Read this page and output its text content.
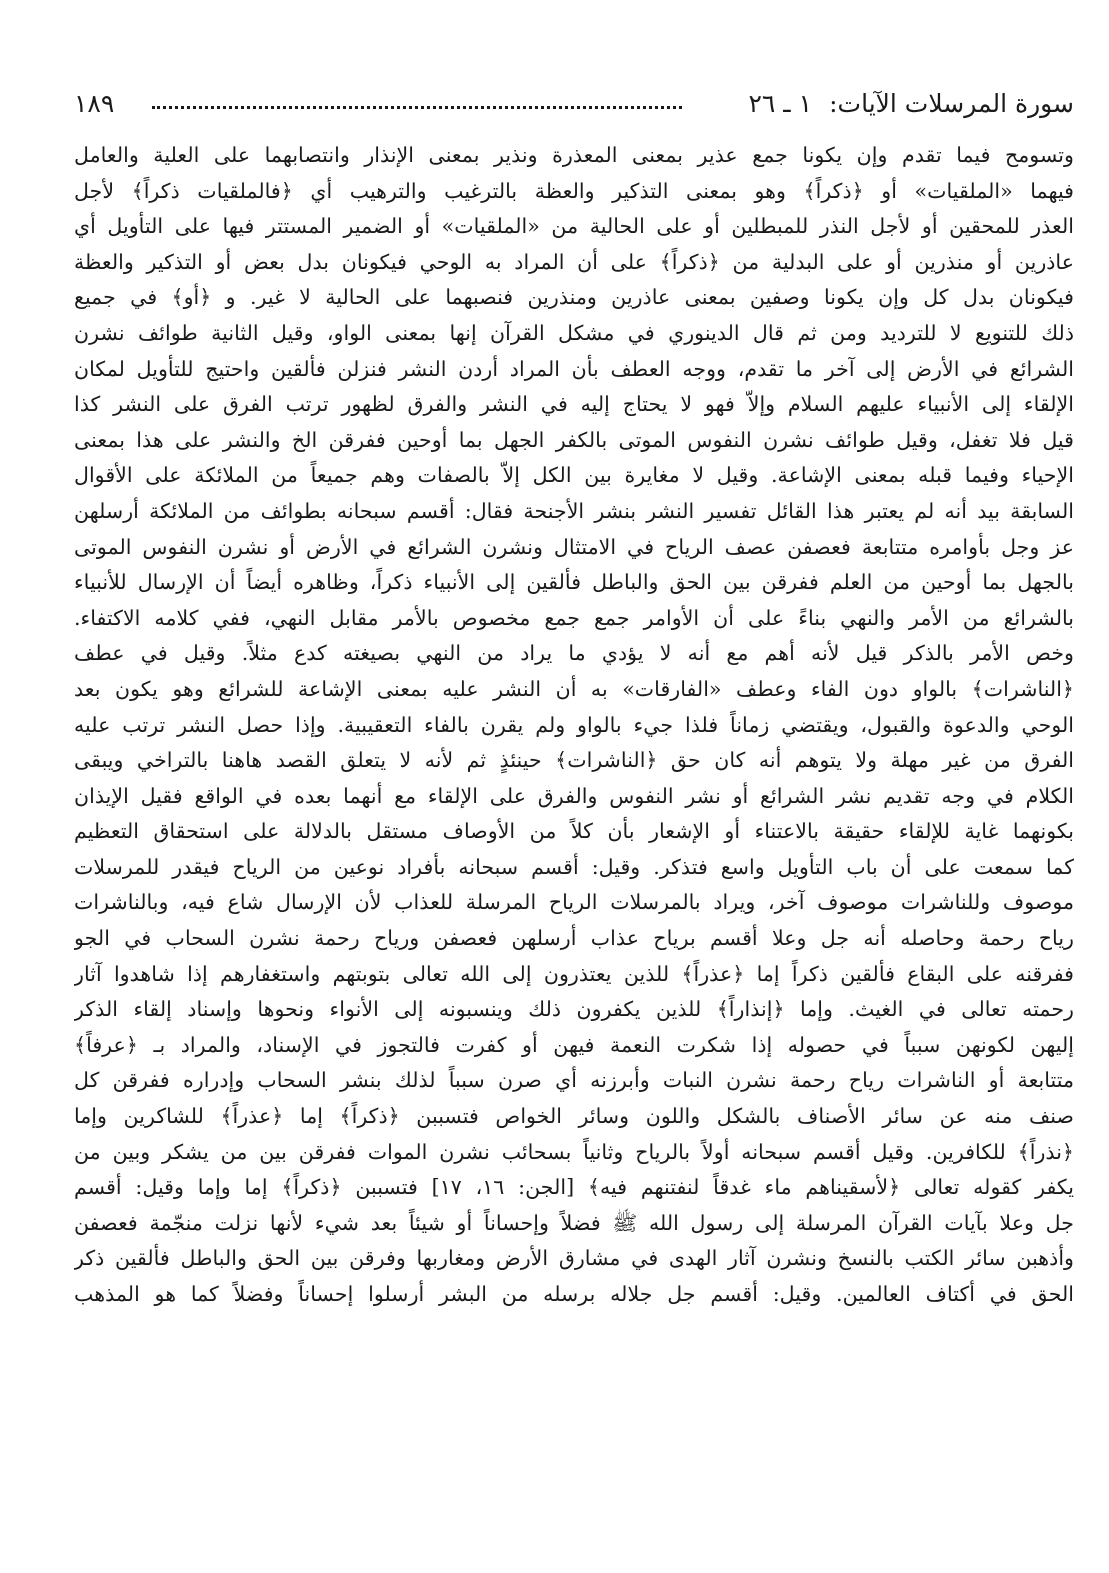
سورة المرسلات الآيات:
١ ـ ٢٦
١٨٩
وتسومح فيما تقدم وإن يكونا جمع عذير بمعنى المعذرة ونذير بمعنى الإنذار وانتصابهما على العلية والعامل
فيهما «الملقيات» أو ﴿ذكراً﴾ وهو بمعنى التذكير والعظة بالترغيب والترهيب أي ﴿فالملقيات ذكراً﴾ لأجل
العذر للمحقين أو لأجل النذر للمبطلين أو على الحالية من «الملقيات» أو الضمير المستتر فيها على التأويل أي
عاذرين أو منذرين أو على البدلية من ﴿ذكراً﴾ على أن المراد به الوحي فيكونان بدل بعض أو التذكير والعظة
فيكونان بدل كل وإن يكونا وصفين بمعنى عاذرين ومنذرين فنصبهما على الحالية لا غير. و ﴿أو﴾ في جميع
ذلك للتنويع لا للترديد ومن ثم قال الدينوري في مشكل القرآن إنها بمعنى الواو، وقيل الثانية طوائف نشرن
الشرائع في الأرض إلى آخر ما تقدم، ووجه العطف بأن المراد أردن النشر فنزلن فألقين واحتيج للتأويل لمكان
الإلقاء إلى الأنبياء عليهم السلام وإلاّ فهو لا يحتاج إليه في النشر والفرق لظهور ترتب الفرق على النشر كذا
قيل فلا تغفل، وقيل طوائف نشرن النفوس الموتى بالكفر الجهل بما أوحين ففرقن الخ والنشر على هذا بمعنى
الإحياء وفيما قبله بمعنى الإشاعة. وقيل لا مغايرة بين الكل إلاّ بالصفات وهم جميعاً من الملائكة على الأقوال
السابقة بيد أنه لم يعتبر هذا القائل تفسير النشر بنشر الأجنحة فقال: أقسم سبحانه بطوائف من الملائكة أرسلهن
عز وجل بأوامره متتابعة فعصفن عصف الرياح في الامتثال ونشرن الشرائع في الأرض أو نشرن النفوس الموتى
بالجهل بما أوحين من العلم ففرقن بين الحق والباطل فألقين إلى الأنبياء ذكراً، وظاهره أيضاً أن الإرسال للأنبياء
بالشرائع من الأمر والنهي بناءً على أن الأوامر جمع جمع مخصوص بالأمر مقابل النهي، ففي كلامه الاكتفاء.
وخص الأمر بالذكر قيل لأنه أهم مع أنه لا يؤدي ما يراد من النهي بصيغته كدع مثلاً. وقيل في عطف
﴿الناشرات﴾ بالواو دون الفاء وعطف «الفارقات» به أن النشر عليه بمعنى الإشاعة للشرائع وهو يكون بعد
الوحي والدعوة والقبول، ويقتضي زماناً فلذا جيء بالواو ولم يقرن بالفاء التعقيبية. وإذا حصل النشر ترتب عليه
الفرق من غير مهلة ولا يتوهم أنه كان حق ﴿الناشرات﴾ حينئذٍ ثم لأنه لا يتعلق القصد هاهنا بالتراخي ويبقى
الكلام في وجه تقديم نشر الشرائع أو نشر النفوس والفرق على الإلقاء مع أنهما بعده في الواقع فقيل الإيذان
بكونهما غاية للإلقاء حقيقة بالاعتناء أو الإشعار بأن كلاً من الأوصاف مستقل بالدلالة على استحقاق التعظيم
كما سمعت على أن باب التأويل واسع فتذكر. وقيل: أقسم سبحانه بأفراد نوعين من الرياح فيقدر للمرسلات
موصوف وللناشرات موصوف آخر، ويراد بالمرسلات الرياح المرسلة للعذاب لأن الإرسال شاع فيه، وبالناشرات
رياح رحمة وحاصله أنه جل وعلا أقسم برياح عذاب أرسلهن فعصفن ورياح رحمة نشرن السحاب في الجو
ففرقنه على البقاع فألقين ذكراً إما ﴿عذراً﴾ للذين يعتذرون إلى الله تعالى بتوبتهم واستغفارهم إذا شاهدوا آثار
رحمته تعالى في الغيث. وإما ﴿إنذاراً﴾ للذين يكفرون ذلك وينسبونه إلى الأنواء ونحوها وإسناد إلقاء الذكر
إليهن لكونهن سبباً في حصوله إذا شكرت النعمة فيهن أو كفرت فالتجوز في الإسناد، والمراد بـ ﴿عرفاً﴾
متتابعة أو الناشرات رياح رحمة نشرن النبات وأبرزنه أي صرن سبباً لذلك بنشر السحاب وإدراره ففرقن كل
صنف منه عن سائر الأصناف بالشكل واللون وسائر الخواص فتسببن ﴿ذكراً﴾ إما ﴿عذراً﴾ للشاكرين وإما
﴿نذراً﴾ للكافرين. وقيل أقسم سبحانه أولاً بالرياح وثانياً بسحائب نشرن الموات ففرقن بين من يشكر وبين من
يكفر كقوله تعالى ﴿لأسقيناهم ماء غدقاً لنفتنهم فيه﴾ [الجن: ١٦، ١٧] فتسببن ﴿ذكراً﴾ إما وإما وقيل: أقسم
جل وعلا بآيات القرآن المرسلة إلى رسول الله ﷺ فضلاً وإحساناً أو شيئاً بعد شيء لأنها نزلت منجّمة فعصفن
وأذهبن سائر الكتب بالنسخ ونشرن آثار الهدى في مشارق الأرض ومغاربها وفرقن بين الحق والباطل فألقين ذكر
الحق في أكتاف العالمين. وقيل: أقسم جل جلاله برسله من البشر أرسلوا إحساناً وفضلاً كما هو المذهب
